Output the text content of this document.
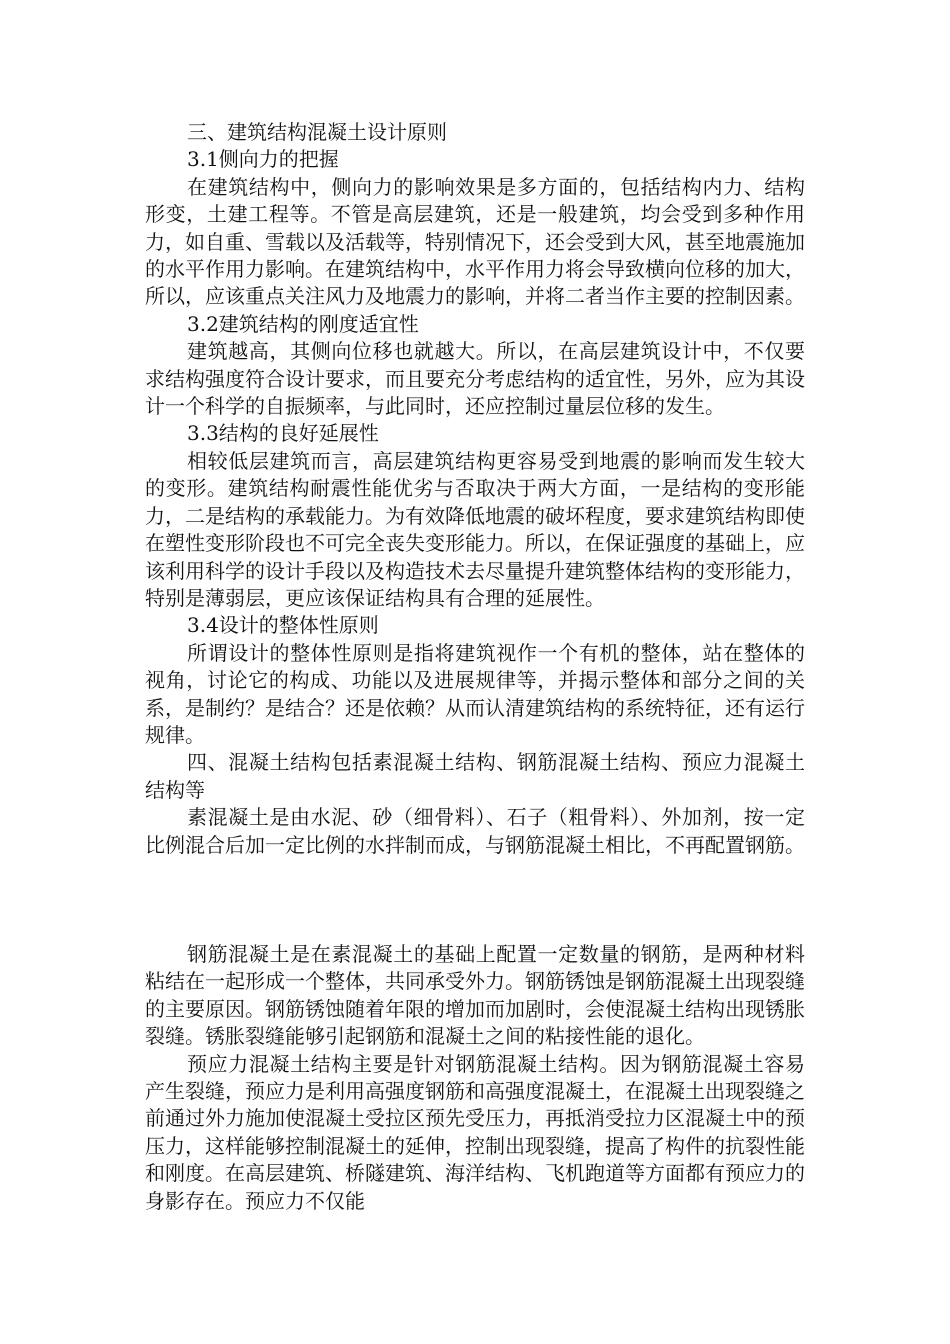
三、建筑结构混凝土设计原则

3.1侧向力的把握

在建筑结构中，侧向力的影响效果是多方面的，包括结构内力、结构形变，土建工程等。不管是高层建筑，还是一般建筑，均会受到多种作用力，如自重、雪载以及活载等，特别情况下，还会受到大风，甚至地震施加的水平作用力影响。在建筑结构中，水平作用力将会导致横向位移的加大，所以，应该重点关注风力及地震力的影响，并将二者当作主要的控制因素。

3.2建筑结构的刚度适宜性

建筑越高，其侧向位移也就越大。所以，在高层建筑设计中，不仅要求结构强度符合设计要求，而且要充分考虑结构的适宜性，另外，应为其设计一个科学的自振频率，与此同时，还应控制过量层位移的发生。

3.3结构的良好延展性

相较低层建筑而言，高层建筑结构更容易受到地震的影响而发生较大的变形。建筑结构耐震性能优劣与否取决于两大方面，一是结构的变形能力，二是结构的承载能力。为有效降低地震的破坏程度，要求建筑结构即使在塑性变形阶段也不可完全丧失变形能力。所以，在保证强度的基础上，应该利用科学的设计手段以及构造技术去尽量提升建筑整体结构的变形能力，特别是薄弱层，更应该保证结构具有合理的延展性。

3.4设计的整体性原则

所谓设计的整体性原则是指将建筑视作一个有机的整体，站在整体的视角，讨论它的构成、功能以及进展规律等，并揭示整体和部分之间的关系，是制约？是结合？还是依赖？从而认清建筑结构的系统特征，还有运行规律。

四、混凝土结构包括素混凝土结构、钢筋混凝土结构、预应力混凝土结构等

素混凝土是由水泥、砂（细骨料）、石子（粗骨料）、外加剂，按一定比例混合后加一定比例的水拌制而成，与钢筋混凝土相比，不再配置钢筋。

钢筋混凝土是在素混凝土的基础上配置一定数量的钢筋，是两种材料粘结在一起形成一个整体，共同承受外力。钢筋锈蚀是钢筋混凝土出现裂缝的主要原因。钢筋锈蚀随着年限的增加而加剧时，会使混凝土结构出现锈胀裂缝。锈胀裂缝能够引起钢筋和混凝土之间的粘接性能的退化。

预应力混凝土结构主要是针对钢筋混凝土结构。因为钢筋混凝土容易产生裂缝，预应力是利用高强度钢筋和高强度混凝土，在混凝土出现裂缝之前通过外力施加使混凝土受拉区预先受压力，再抵消受拉力区混凝土中的预压力，这样能够控制混凝土的延伸，控制出现裂缝，提高了构件的抗裂性能和刚度。在高层建筑、桥隧建筑、海洋结构、飞机跑道等方面都有预应力的身影存在。预应力不仅能
